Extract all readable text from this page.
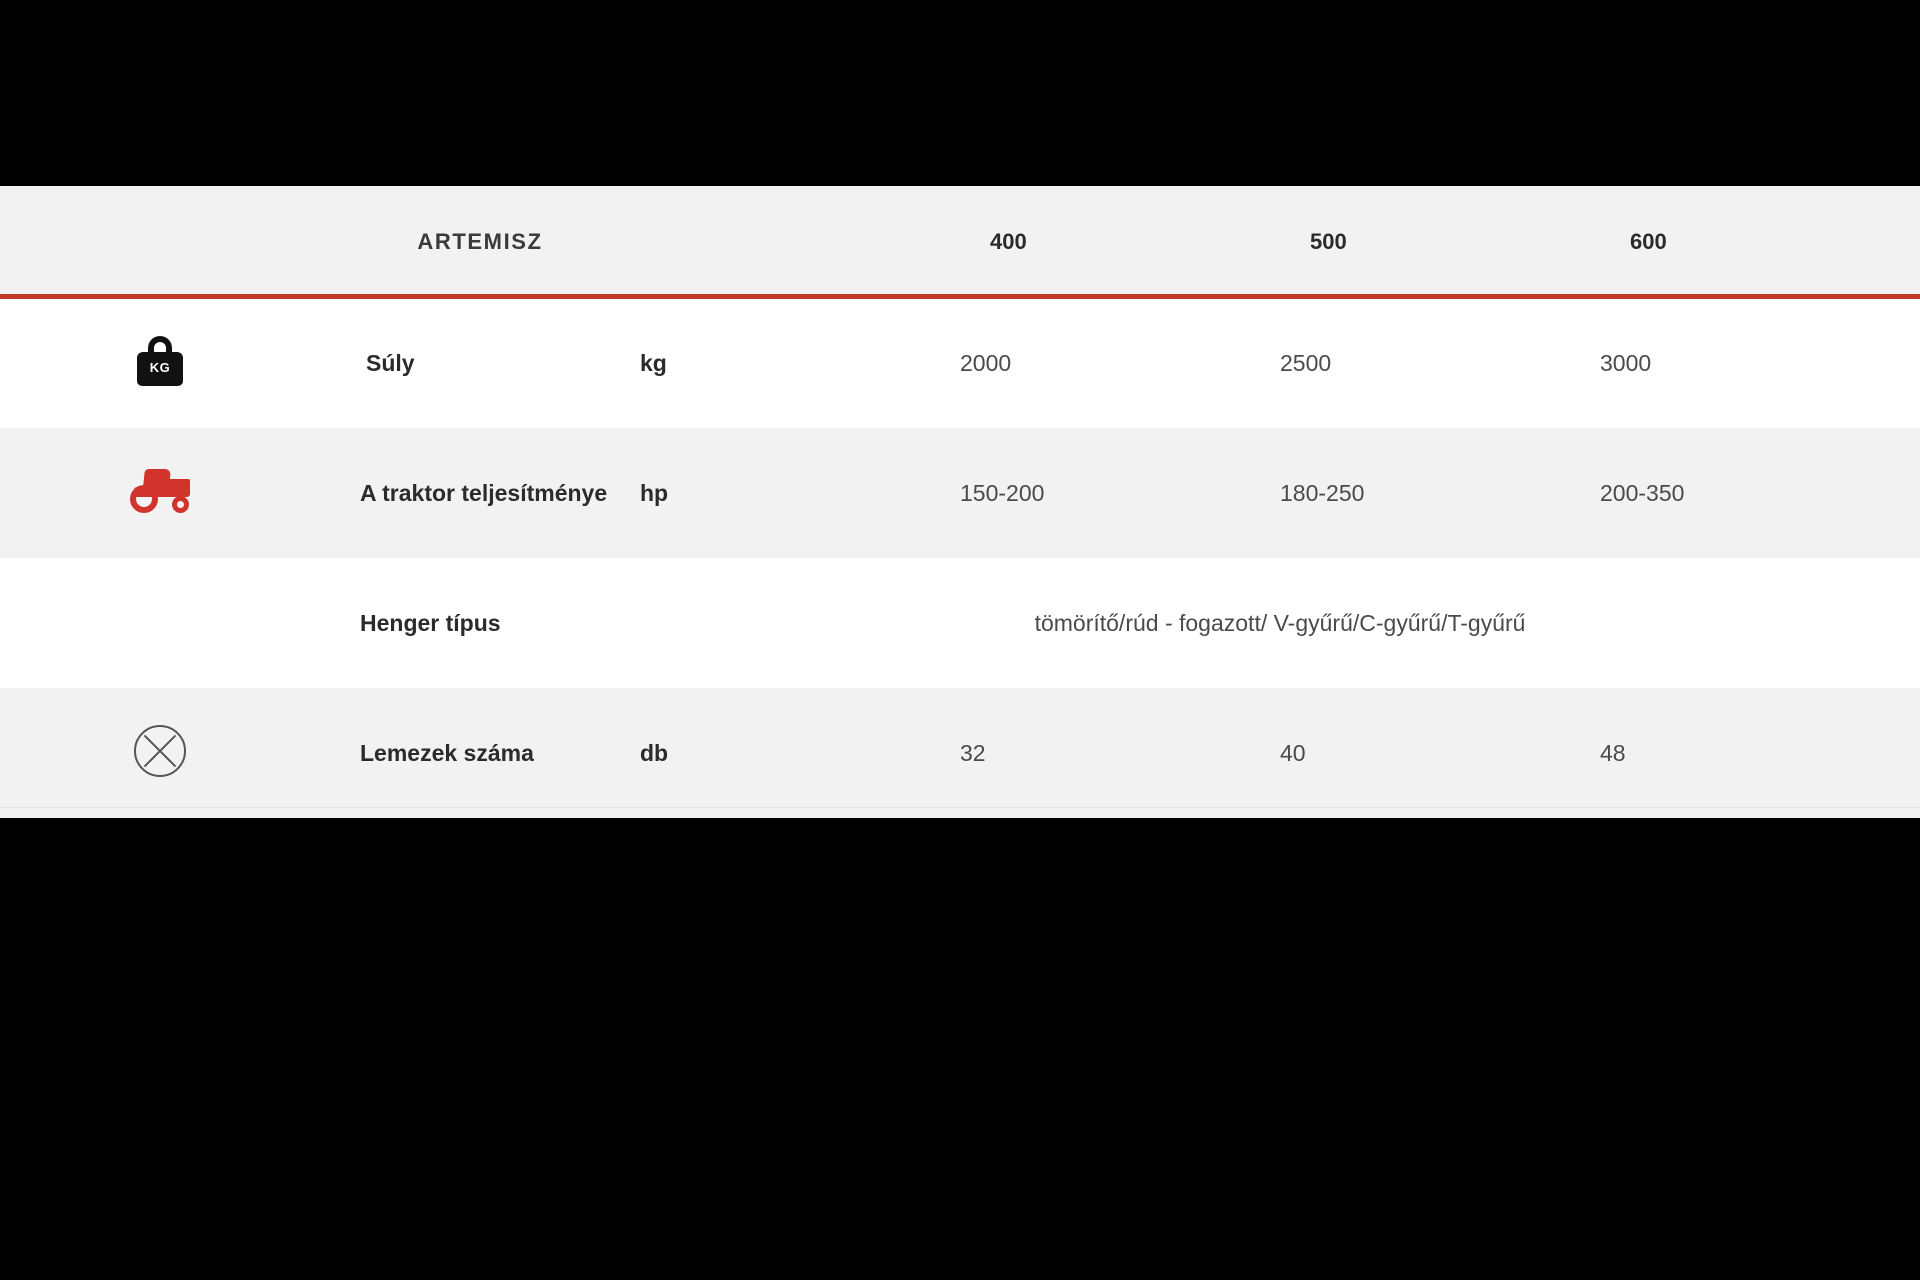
	ARTEMISZ		400	500	600

KG
	Súly	kg	2000	2500	3000

	A traktor teljesítménye	hp	150-200	180-250	200-350
	Henger típus	tömörítő/rúd - fogazott/ V-gyűrű/C-gyűrű/T-gyűrű			

	Lemezek száma	db	32	40	48
